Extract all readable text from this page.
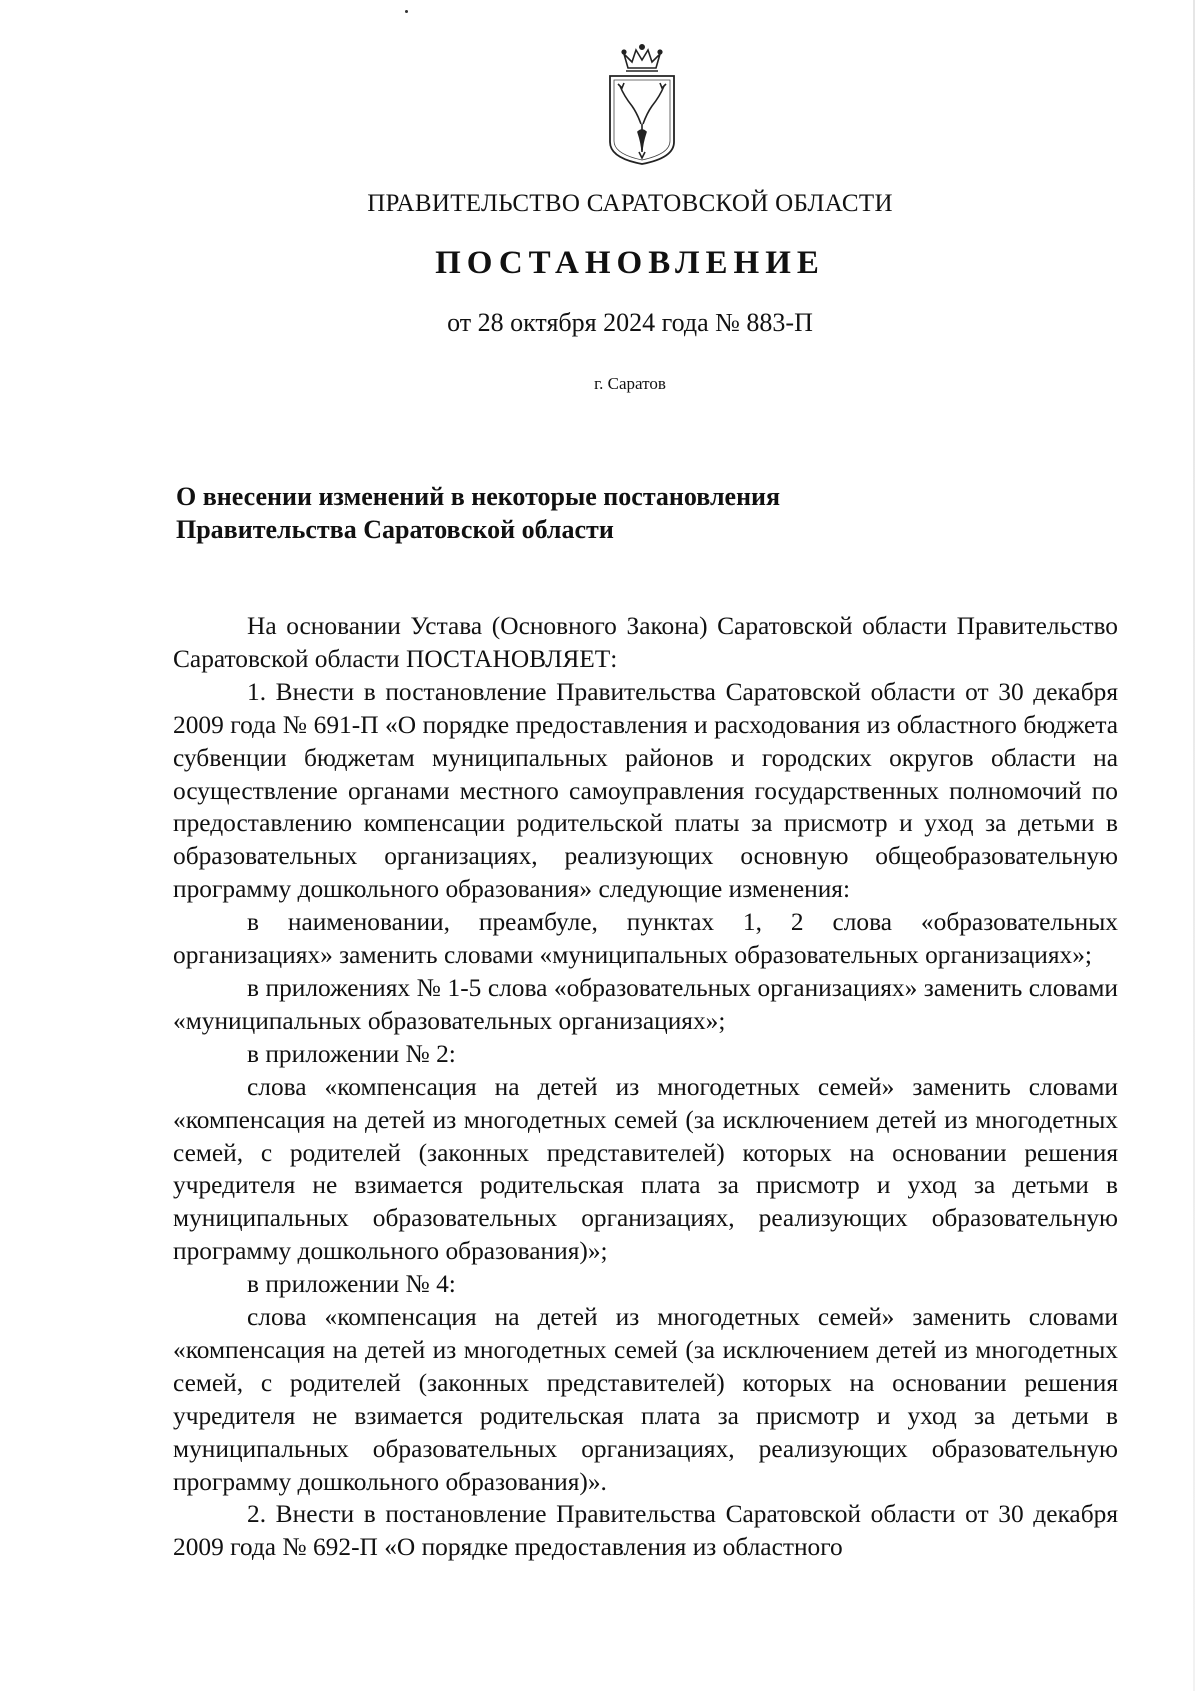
ПРАВИТЕЛЬСТВО САРАТОВСКОЙ ОБЛАСТИ
ПОСТАНОВЛЕНИЕ
от 28 октября 2024 года № 883-П
г. Саратов
О внесении изменений в некоторые постановления
Правительства Саратовской области

На основании Устава (Основного Закона) Саратовской области Правительство Саратовской области ПОСТАНОВЛЯЕТ:

1. Внести в постановление Правительства Саратовской области от 30 декабря 2009 года № 691-П «О порядке предоставления и расходования из областного бюджета субвенции бюджетам муниципальных районов и городских округов области на осуществление органами местного самоуправления государственных полномочий по предоставлению компенсации родительской платы за присмотр и уход за детьми в образовательных организациях, реализующих основную общеобразовательную программу дошкольного образования» следующие изменения:

в наименовании, преамбуле, пунктах 1, 2 слова «образовательных организациях» заменить словами «муниципальных образовательных организациях»;

в приложениях № 1-5 слова «образовательных организациях» заменить словами «муниципальных образовательных организациях»;

в приложении № 2:

слова «компенсация на детей из многодетных семей» заменить словами «компенсация на детей из многодетных семей (за исключением детей из многодетных семей, с родителей (законных представителей) которых на основании решения учредителя не взимается родительская плата за присмотр и уход за детьми в муниципальных образовательных организациях, реализующих образовательную программу дошкольного образования)»;

в приложении № 4:

слова «компенсация на детей из многодетных семей» заменить словами «компенсация на детей из многодетных семей (за исключением детей из многодетных семей, с родителей (законных представителей) которых на основании решения учредителя не взимается родительская плата за присмотр и уход за детьми в муниципальных образовательных организациях, реализующих образовательную программу дошкольного образования)».

2. Внести в постановление Правительства Саратовской области от 30 декабря 2009 года № 692-П «О порядке предоставления из областного
